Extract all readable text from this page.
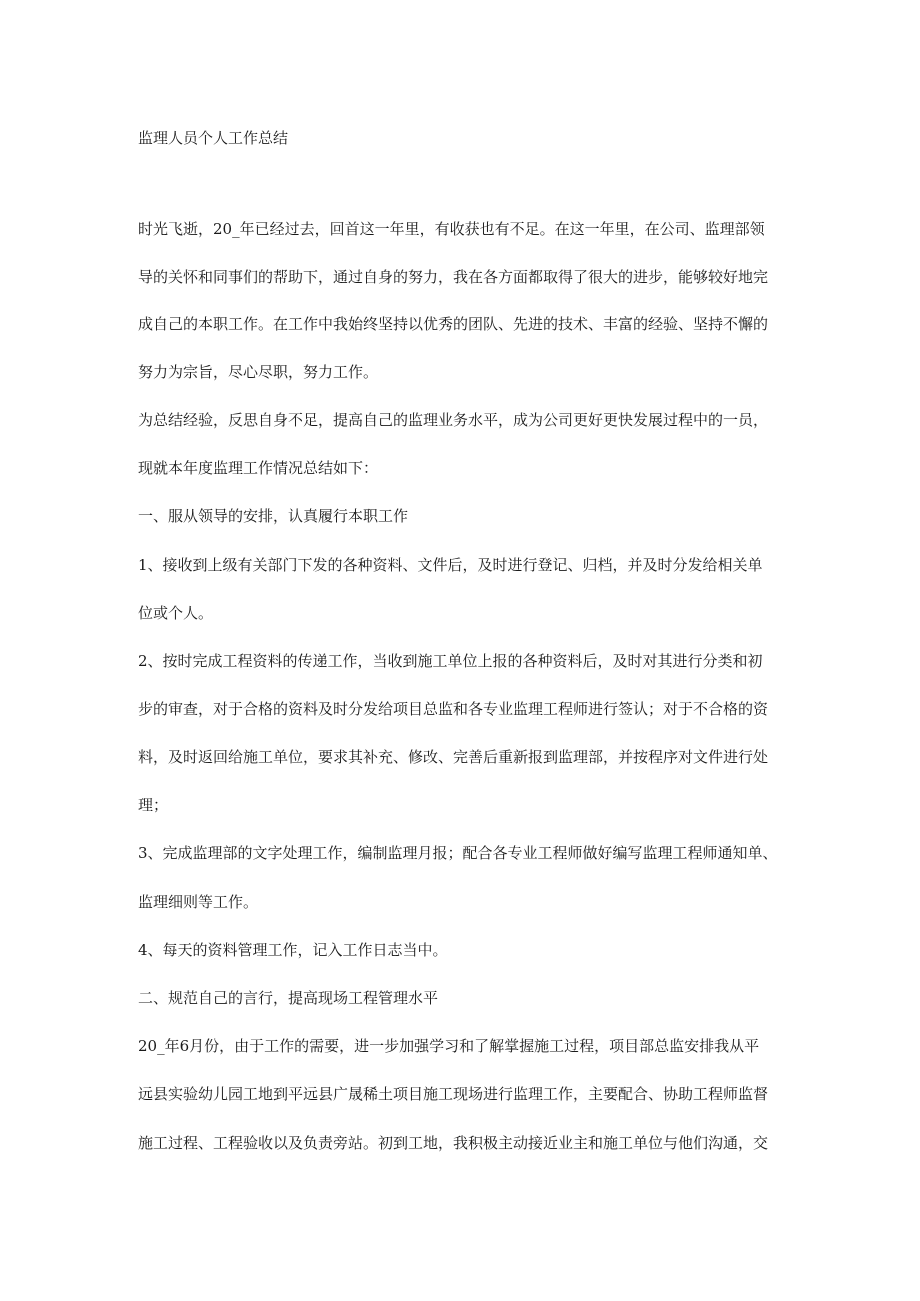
监理人员个人工作总结
时光飞逝，20_年已经过去，回首这一年里，有收获也有不足。在这一年里，在公司、监理部领
导的关怀和同事们的帮助下，通过自身的努力，我在各方面都取得了很大的进步，能够较好地完
成自己的本职工作。在工作中我始终坚持以优秀的团队、先进的技术、丰富的经验、坚持不懈的
努力为宗旨，尽心尽职，努力工作。
为总结经验，反思自身不足，提高自己的监理业务水平，成为公司更好更快发展过程中的一员，
现就本年度监理工作情况总结如下：
一、服从领导的安排，认真履行本职工作
1、接收到上级有关部门下发的各种资料、文件后，及时进行登记、归档，并及时分发给相关单
位或个人。
2、按时完成工程资料的传递工作，当收到施工单位上报的各种资料后，及时对其进行分类和初
步的审查，对于合格的资料及时分发给项目总监和各专业监理工程师进行签认；对于不合格的资
料，及时返回给施工单位，要求其补充、修改、完善后重新报到监理部，并按程序对文件进行处
理；
3、完成监理部的文字处理工作，编制监理月报；配合各专业工程师做好编写监理工程师通知单、
监理细则等工作。
4、每天的资料管理工作，记入工作日志当中。
二、规范自己的言行，提高现场工程管理水平
20_年6月份，由于工作的需要，进一步加强学习和了解掌握施工过程，项目部总监安排我从平
远县实验幼儿园工地到平远县广晟稀土项目施工现场进行监理工作，主要配合、协助工程师监督
施工过程、工程验收以及负责旁站。初到工地，我积极主动接近业主和施工单位与他们沟通，交
